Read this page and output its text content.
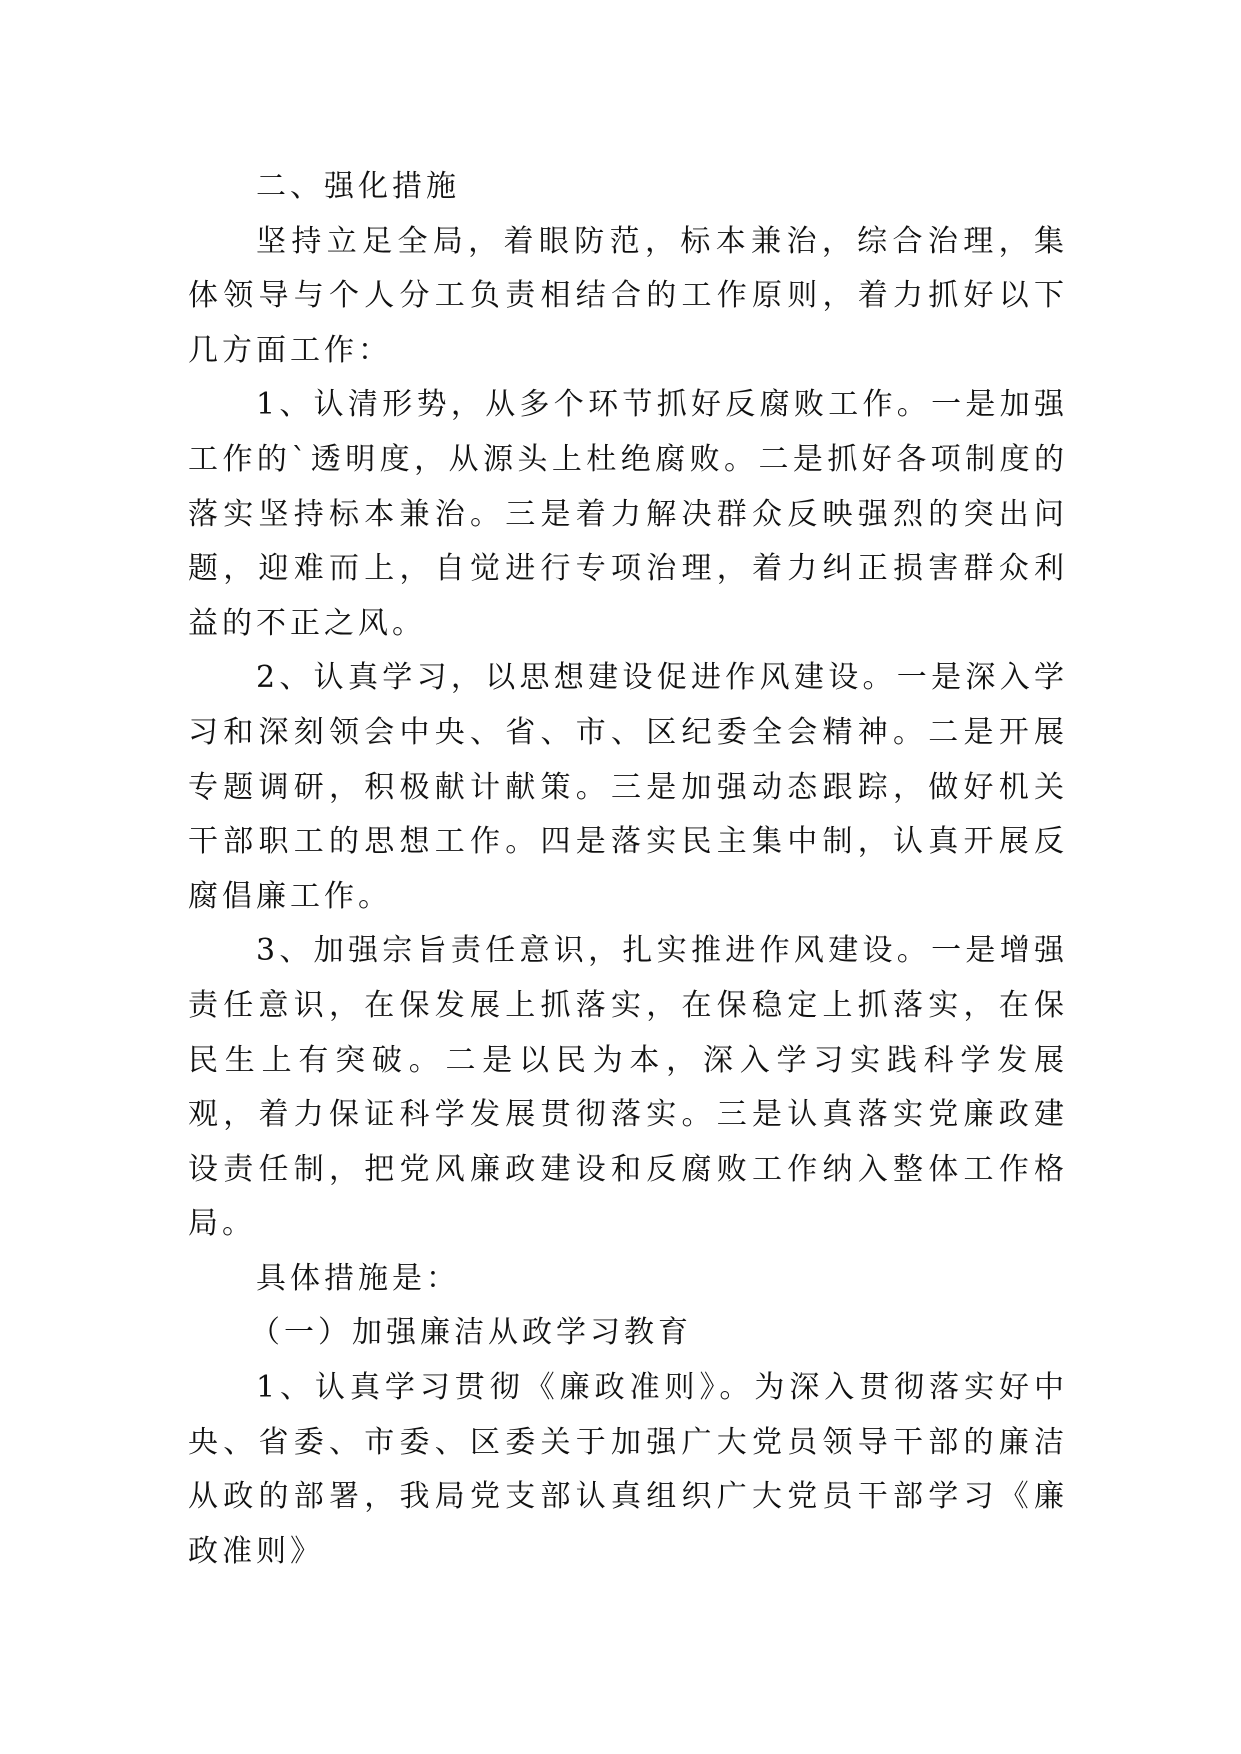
二、强化措施

坚持立足全局，着眼防范，标本兼治，综合治理，集体领导与个人分工负责相结合的工作原则，着力抓好以下几方面工作：

1、认清形势，从多个环节抓好反腐败工作。一是加强工作的`透明度，从源头上杜绝腐败。二是抓好各项制度的落实坚持标本兼治。三是着力解决群众反映强烈的突出问题，迎难而上，自觉进行专项治理，着力纠正损害群众利益的不正之风。

2、认真学习，以思想建设促进作风建设。一是深入学习和深刻领会中央、省、市、区纪委全会精神。二是开展专题调研，积极献计献策。三是加强动态跟踪，做好机关干部职工的思想工作。四是落实民主集中制，认真开展反腐倡廉工作。

3、加强宗旨责任意识，扎实推进作风建设。一是增强责任意识，在保发展上抓落实，在保稳定上抓落实，在保民生上有突破。二是以民为本，深入学习实践科学发展观，着力保证科学发展贯彻落实。三是认真落实党廉政建设责任制，把党风廉政建设和反腐败工作纳入整体工作格局。

具体措施是：

（一）加强廉洁从政学习教育

1、认真学习贯彻《廉政准则》。为深入贯彻落实好中央、省委、市委、区委关于加强广大党员领导干部的廉洁从政的部署，我局党支部认真组织广大党员干部学习《廉政准则》
